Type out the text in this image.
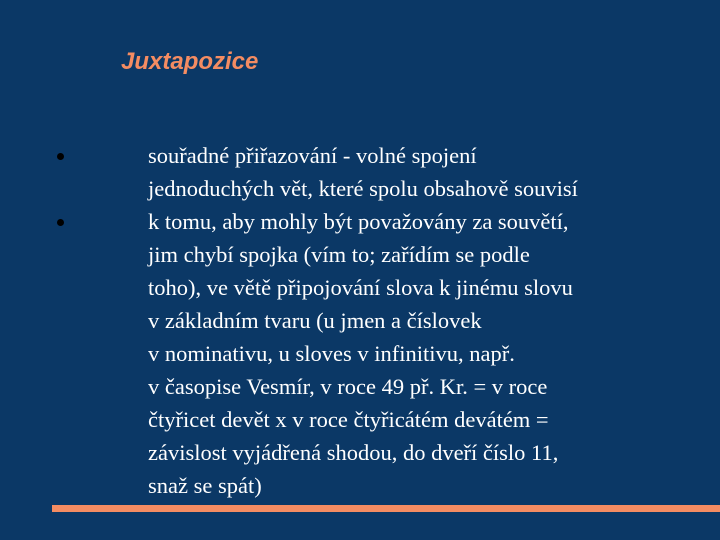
Juxtapozice
souřadné přiřazování - volné spojení
jednoduchých vět, které spolu obsahově souvisí
k tomu, aby mohly být považovány za souvětí,
jim chybí spojka (vím to; zařídím se podle
toho), ve větě připojování slova k jinému slovu
v základním tvaru (u jmen a číslovek
v nominativu, u sloves v infinitivu, např.
v časopise Vesmír, v roce 49 př. Kr. = v roce
čtyřicet devět x v roce čtyřicátém devátém =
závislost vyjádřená shodou, do dveří číslo 11,
snaž se spát)
